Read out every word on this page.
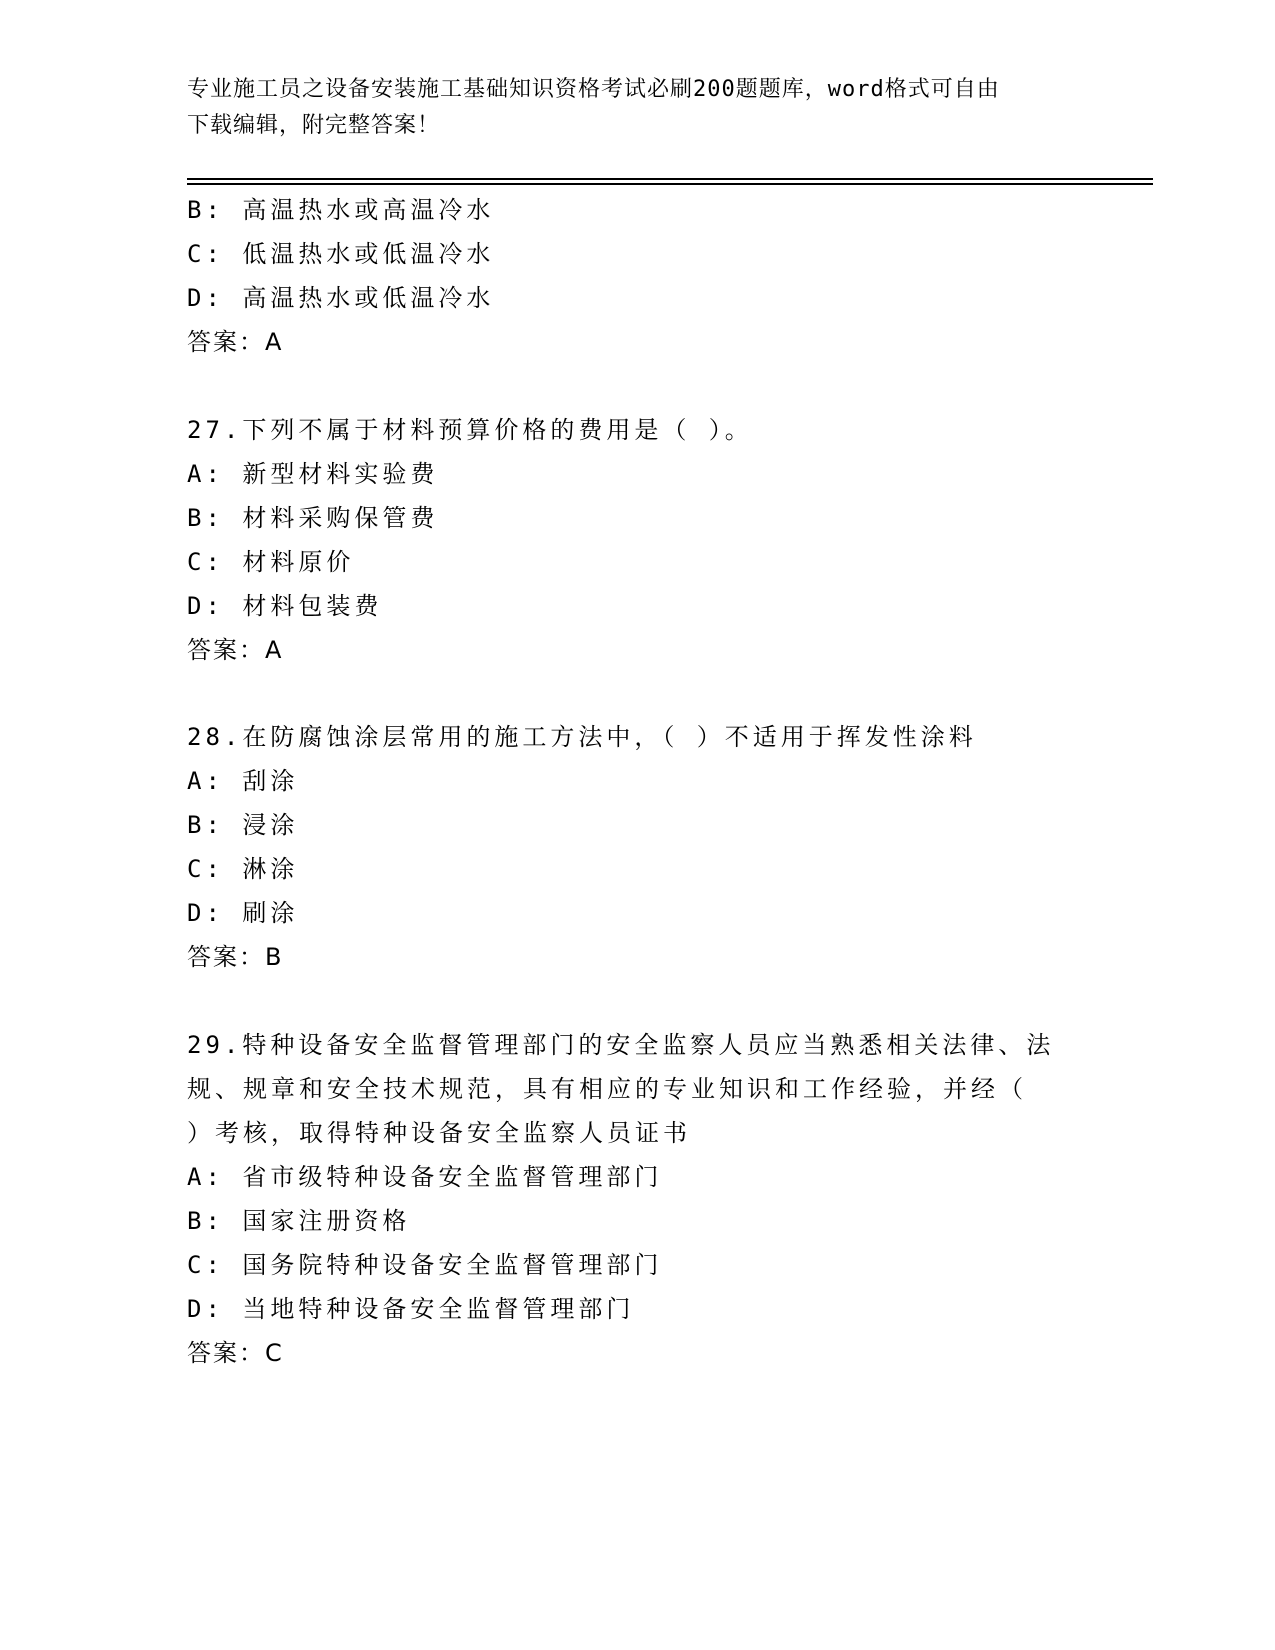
专业施工员之设备安装施工基础知识资格考试必刷200题题库，word格式可自由
下载编辑，附完整答案！
B: 高温热水或高温冷水
C: 低温热水或低温冷水
D: 高温热水或低温冷水
答案：A
27.下列不属于材料预算价格的费用是（ ）。
A: 新型材料实验费
B: 材料采购保管费
C: 材料原价
D: 材料包装费
答案：A
28.在防腐蚀涂层常用的施工方法中，（ ）不适用于挥发性涂料
A: 刮涂
B: 浸涂
C: 淋涂
D: 刷涂
答案：B
29.特种设备安全监督管理部门的安全监察人员应当熟悉相关法律、法
规、规章和安全技术规范，具有相应的专业知识和工作经验，并经（
）考核，取得特种设备安全监察人员证书
A: 省市级特种设备安全监督管理部门
B: 国家注册资格
C: 国务院特种设备安全监督管理部门
D: 当地特种设备安全监督管理部门
答案：C
